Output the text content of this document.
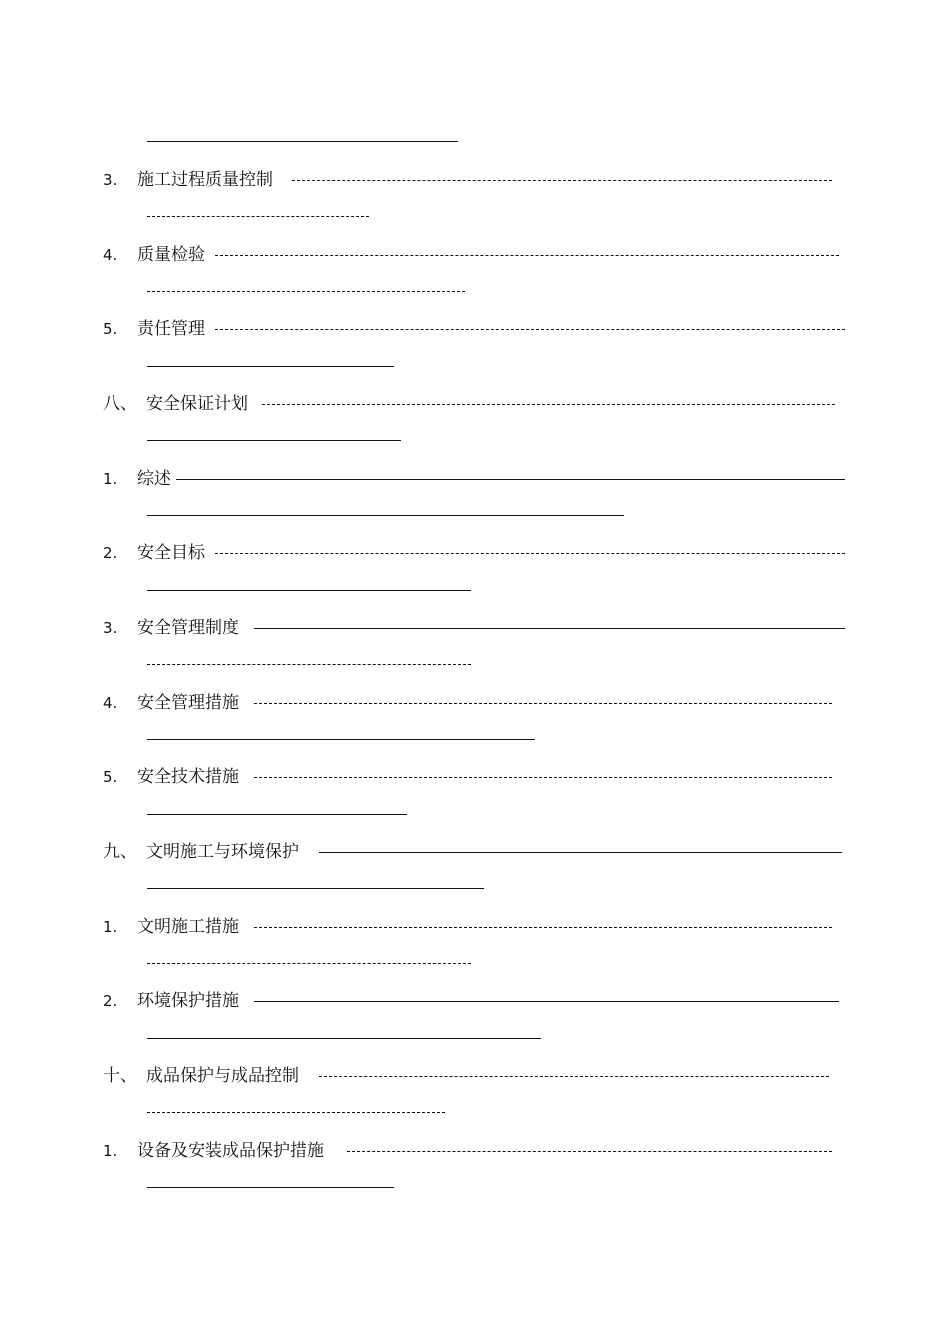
3. 施工过程质量控制
4. 质量检验
5. 责任管理
八、 安全保证计划
1. 综述
2. 安全目标
3. 安全管理制度
4. 安全管理措施
5. 安全技术措施
九、 文明施工与环境保护
1. 文明施工措施
2. 环境保护措施
十、 成品保护与成品控制
1. 设备及安装成品保护措施
